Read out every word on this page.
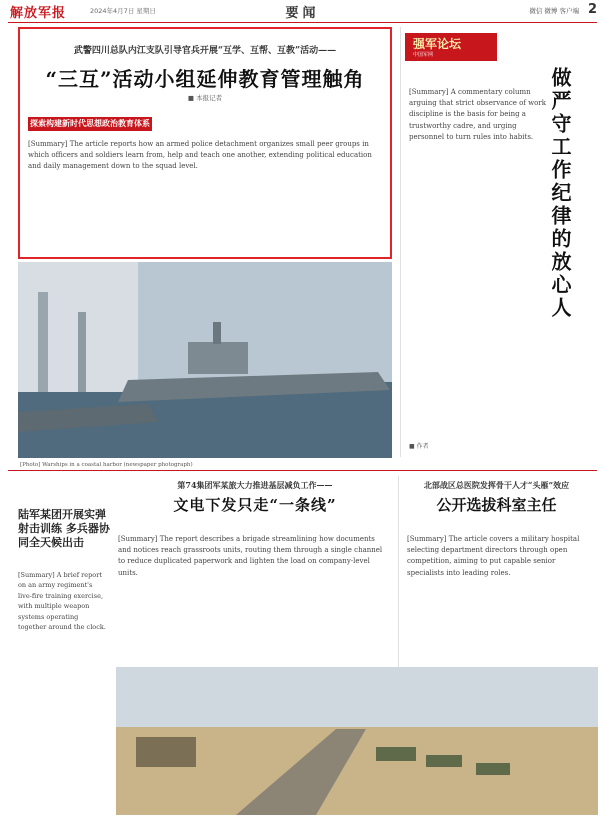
解放军报	2024年4月7日 星期日	要闻	微信 微博 客户端 2
武警四川总队内江支队引导官兵开展“互学、互帮、互教”活动——
“三互”活动小组延伸教育管理触角
■ 本报记者
探索构建新时代思想政治教育体系
[Summary] The article reports how an armed police detachment organizes small peer groups in which officers and soldiers learn from, help and teach one another, extending political education and daily management down to the squad level.
[Photo] Warships in a coastal harbor (newspaper photograph)
强军论坛
中国军网
做严守工作纪律的放心人
[Summary] A commentary column arguing that strict observance of work discipline is the basis for being a trustworthy cadre, and urging personnel to turn rules into habits.
■ 作者
陆军某团开展实弹射击训练 多兵器协同全天候出击
[Summary] A brief report on an army regiment's live-fire training exercise, with multiple weapon systems operating together around the clock.
第74集团军某旅大力推进基层减负工作——
文电下发只走“一条线”
[Summary] The report describes a brigade streamlining how documents and notices reach grassroots units, routing them through a single channel to reduce duplicated paperwork and lighten the load on company-level units.
北部战区总医院发挥骨干人才“头雁”效应
公开选拔科室主任
[Summary] The article covers a military hospital selecting department directors through open competition, aiming to put capable senior specialists into leading roles.
